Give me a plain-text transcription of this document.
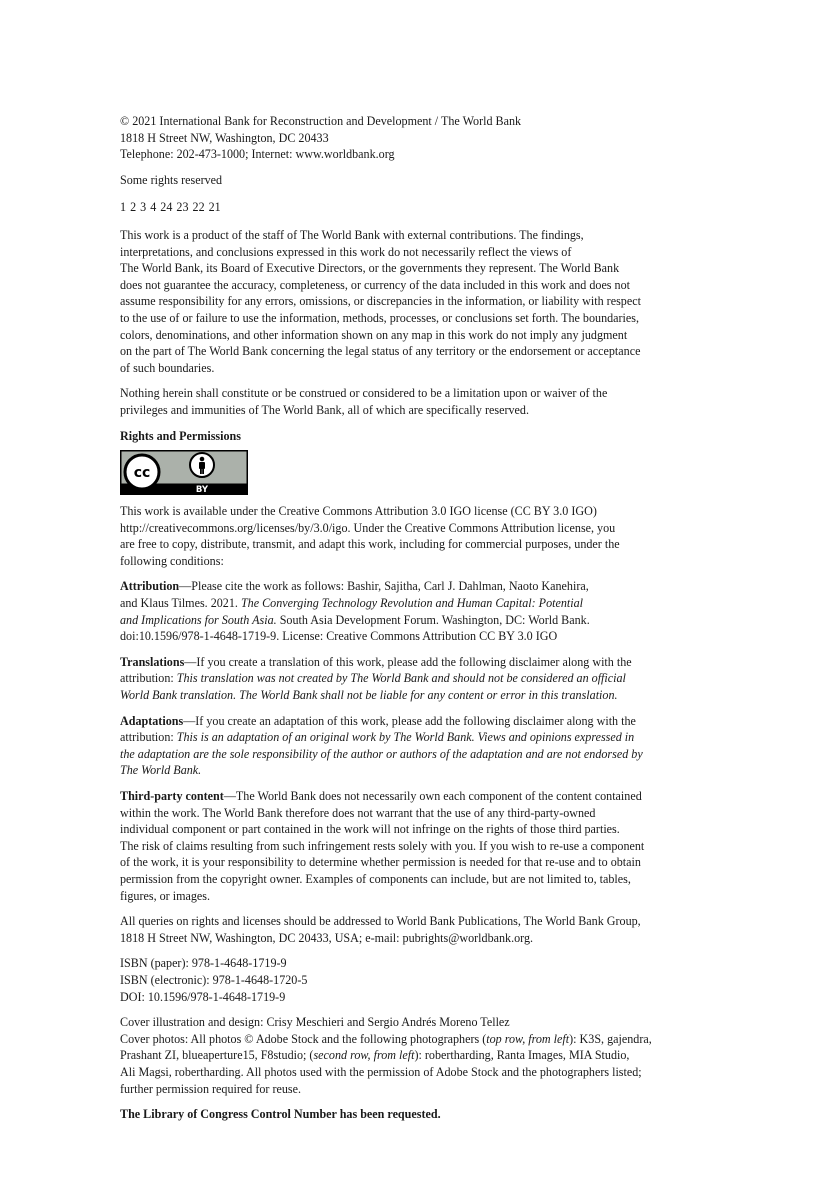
© 2021 International Bank for Reconstruction and Development / The World Bank
1818 H Street NW, Washington, DC 20433
Telephone: 202-473-1000; Internet: www.worldbank.org

Some rights reserved

1 2 3 4 24 23 22 21

This work is a product of the staff of The World Bank with external contributions. The findings,
interpretations, and conclusions expressed in this work do not necessarily reflect the views of
The World Bank, its Board of Executive Directors, or the governments they represent. The World Bank
does not guarantee the accuracy, completeness, or currency of the data included in this work and does not
assume responsibility for any errors, omissions, or discrepancies in the information, or liability with respect
to the use of or failure to use the information, methods, processes, or conclusions set forth. The boundaries,
colors, denominations, and other information shown on any map in this work do not imply any judgment
on the part of The World Bank concerning the legal status of any territory or the endorsement or acceptance
of such boundaries.

Nothing herein shall constitute or be construed or considered to be a limitation upon or waiver of the
privileges and immunities of The World Bank, all of which are specifically reserved.

Rights and Permissions
cc
BY

This work is available under the Creative Commons Attribution 3.0 IGO license (CC BY 3.0 IGO)
http://creativecommons.org/licenses/by/3.0/igo. Under the Creative Commons Attribution license, you
are free to copy, distribute, transmit, and adapt this work, including for commercial purposes, under the
following conditions:

Attribution—Please cite the work as follows: Bashir, Sajitha, Carl J. Dahlman, Naoto Kanehira,
and Klaus Tilmes. 2021. The Converging Technology Revolution and Human Capital: Potential
and Implications for South Asia. South Asia Development Forum. Washington, DC: World Bank.
doi:10.1596/978-1-4648-1719-9. License: Creative Commons Attribution CC BY 3.0 IGO

Translations—If you create a translation of this work, please add the following disclaimer along with the
attribution: This translation was not created by The World Bank and should not be considered an official
World Bank translation. The World Bank shall not be liable for any content or error in this translation.

Adaptations—If you create an adaptation of this work, please add the following disclaimer along with the
attribution: This is an adaptation of an original work by The World Bank. Views and opinions expressed in
the adaptation are the sole responsibility of the author or authors of the adaptation and are not endorsed by
The World Bank.

Third-party content—The World Bank does not necessarily own each component of the content contained
within the work. The World Bank therefore does not warrant that the use of any third-party-owned
individual component or part contained in the work will not infringe on the rights of those third parties.
The risk of claims resulting from such infringement rests solely with you. If you wish to re-use a component
of the work, it is your responsibility to determine whether permission is needed for that re-use and to obtain
permission from the copyright owner. Examples of components can include, but are not limited to, tables,
figures, or images.

All queries on rights and licenses should be addressed to World Bank Publications, The World Bank Group,
1818 H Street NW, Washington, DC 20433, USA; e-mail: pubrights@worldbank.org.

ISBN (paper): 978-1-4648-1719-9
ISBN (electronic): 978-1-4648-1720-5
DOI: 10.1596/978-1-4648-1719-9

Cover illustration and design: Crisy Meschieri and Sergio Andrés Moreno Tellez
Cover photos: All photos © Adobe Stock and the following photographers (top row, from left): K3S, gajendra,
Prashant ZI, blueaperture15, F8studio; (second row, from left): robertharding, Ranta Images, MIA Studio,
Ali Magsi, robertharding. All photos used with the permission of Adobe Stock and the photographers listed;
further permission required for reuse.

The Library of Congress Control Number has been requested.
